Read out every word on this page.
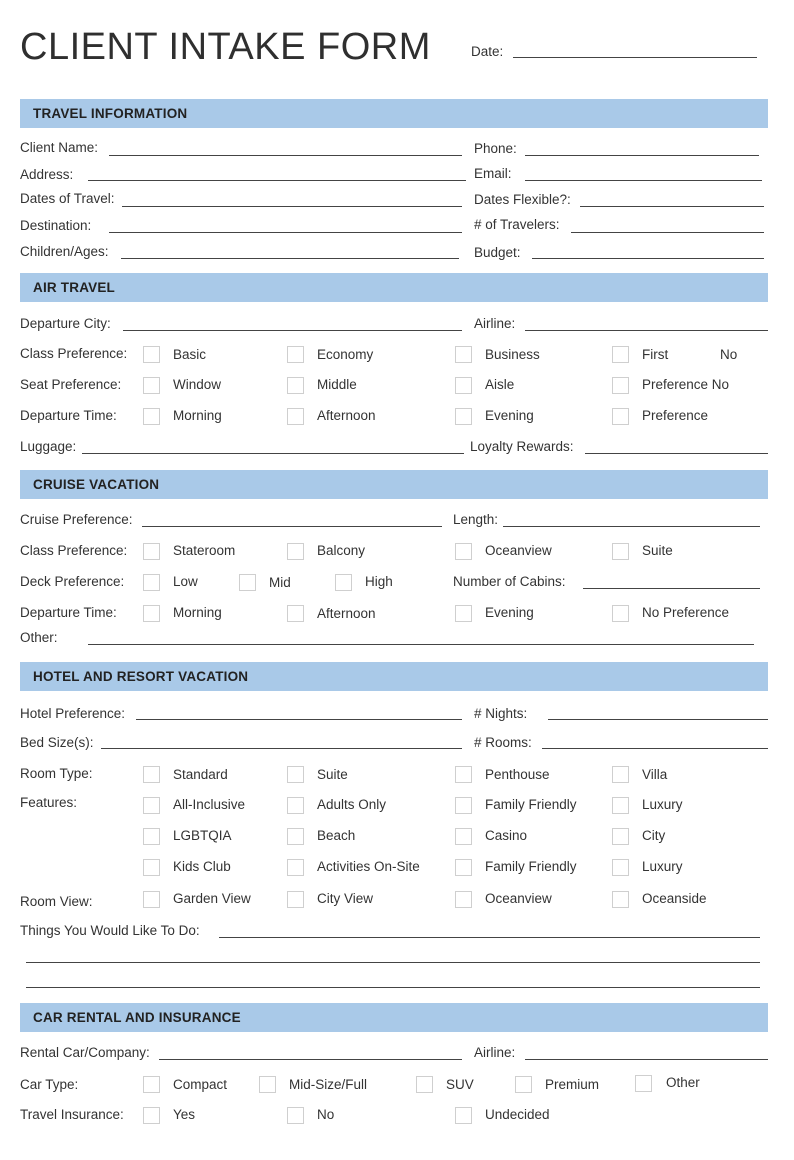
CLIENT INTAKE FORM	Date:
TRAVEL INFORMATION
Client Name:	Phone:
Address:	Email:
Dates of Travel:	Dates Flexible?:
Destination:	# of Travelers:
Children/Ages:	Budget:
AIR TRAVEL
Departure City:	Airline:
Class Preference:	Basic	Economy	Business	First	No
Seat Preference:	Window	Middle	Aisle	Preference No
Departure Time:	Morning	Afternoon	Evening	Preference
Luggage:	Loyalty Rewards:
CRUISE VACATION
Cruise Preference:	Length:
Class Preference:	Stateroom	Balcony	Oceanview	Suite
Deck Preference:	Low	Mid	High	Number of Cabins:
Departure Time:	Morning	Afternoon	Evening	No Preference
Other:
HOTEL AND RESORT VACATION
Hotel Preference:	# Nights:
Bed Size(s):	# Rooms:
Room Type:	Standard	Suite	Penthouse	Villa
Features:	All-Inclusive	Adults Only	Family Friendly	Luxury
LGBTQIA	Beach	Casino	City
Kids Club	Activities On-Site	Family Friendly	Luxury
Room View:	Garden View	City View	Oceanview	Oceanside
Things You Would Like To Do:
CAR RENTAL AND INSURANCE
Rental Car/Company:	Airline:
Car Type:	Compact	Mid-Size/Full	SUV	Premium	Other
Travel Insurance:	Yes	No	Undecided
